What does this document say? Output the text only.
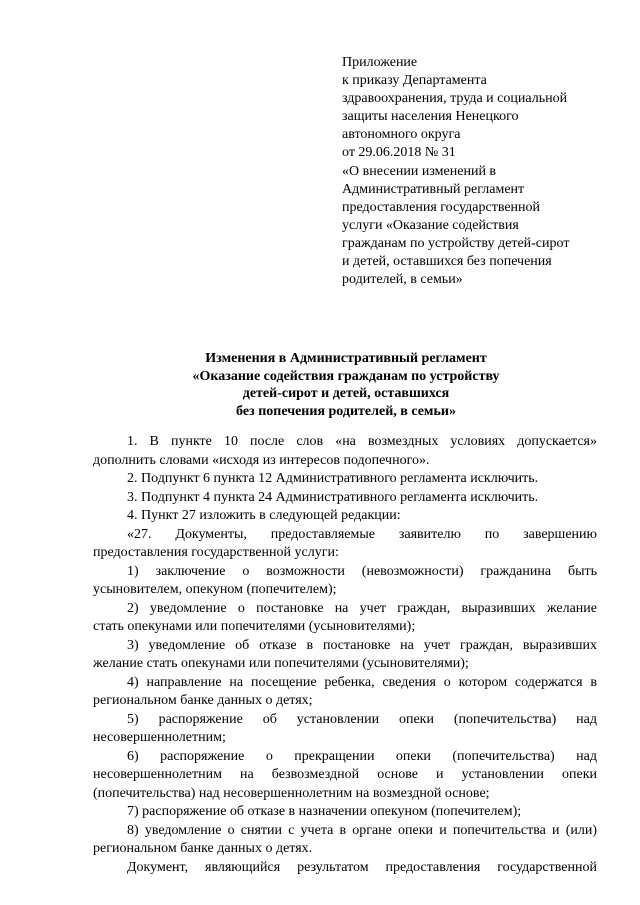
Приложение
к приказу Департамента
здравоохранения, труда и социальной
защиты населения Ненецкого
автономного округа
от 29.06.2018 № 31
«О внесении изменений в
Административный регламент
предоставления государственной
услуги «Оказание содействия
гражданам по устройству детей-сирот
и детей, оставшихся без попечения
родителей, в семьи»
Изменения в Административный регламент
«Оказание содействия гражданам по устройству
детей-сирот и детей, оставшихся
без попечения родителей, в семьи»
1. В пункте 10 после слов «на возмездных условиях допускается»
дополнить словами «исходя из интересов подопечного».
2. Подпункт 6 пункта 12 Административного регламента исключить.
3. Подпункт 4 пункта 24 Административного регламента исключить.
4. Пункт 27 изложить в следующей редакции:
«27. Документы, предоставляемые заявителю по завершению
предоставления государственной услуги:
1) заключение о возможности (невозможности) гражданина быть
усыновителем, опекуном (попечителем);
2) уведомление о постановке на учет граждан, выразивших желание
стать опекунами или попечителями (усыновителями);
3) уведомление об отказе в постановке на учет граждан, выразивших
желание стать опекунами или попечителями (усыновителями);
4) направление на посещение ребенка, сведения о котором содержатся в
региональном банке данных о детях;
5) распоряжение об установлении опеки (попечительства) над
несовершеннолетним;
6) распоряжение о прекращении опеки (попечительства) над
несовершеннолетним на безвозмездной основе и установлении опеки
(попечительства) над несовершеннолетним на возмездной основе;
7) распоряжение об отказе в назначении опекуном (попечителем);
8) уведомление о снятии с учета в органе опеки и попечительства и (или)
региональном банке данных о детях.
Документ, являющийся результатом предоставления государственной
